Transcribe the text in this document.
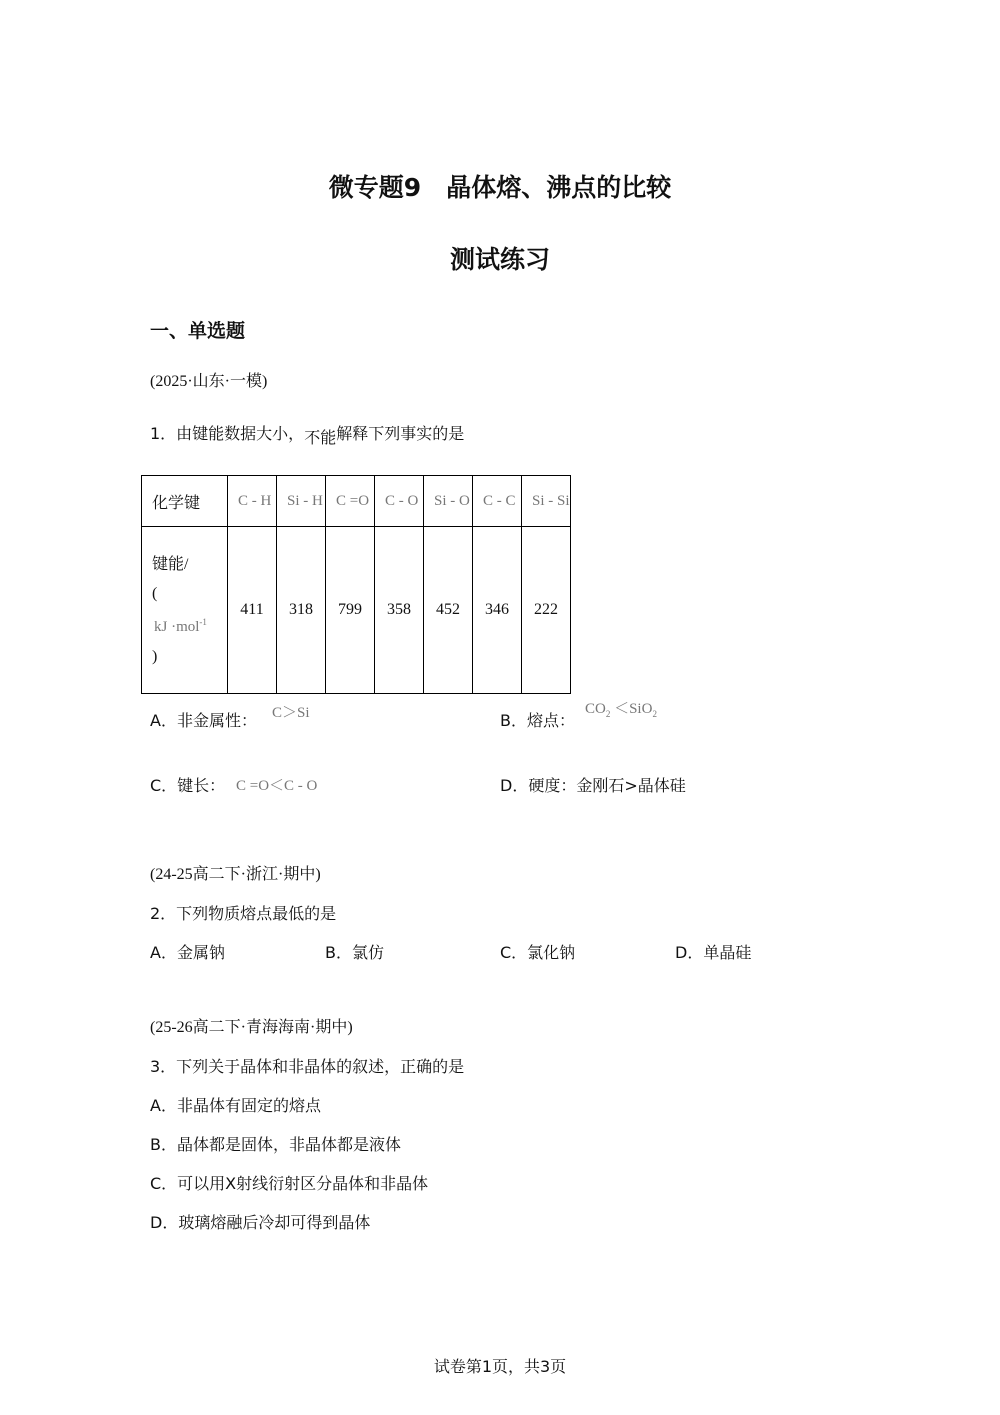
微专题9　晶体熔、沸点的比较
测试练习
一、单选题
(2025·山东·一模)
1．由键能数据大小，不能解释下列事实的是
化学键	C - H	Si - H	C =O	C - O	Si - O	C - C	Si - Si

键能/
(
kJ ·mol$^{-1}$
)	411	318	799	358	452	346	222
A．非金属性： C＞Si	B．熔点：
$CO_2 <SiO_2$
C．键长： C =O＜C - O	D．硬度：金刚石>晶体硅
(24-25高二下·浙江·期中)
2．下列物质熔点最低的是
A．金属钠	B．氯仿	C．氯化钠	D．单晶硅
(25-26高二下·青海海南·期中)
3．下列关于晶体和非晶体的叙述，正确的是
A．非晶体有固定的熔点
B．晶体都是固体，非晶体都是液体
C．可以用X射线衍射区分晶体和非晶体
D．玻璃熔融后冷却可得到晶体
试卷第1页，共3页
